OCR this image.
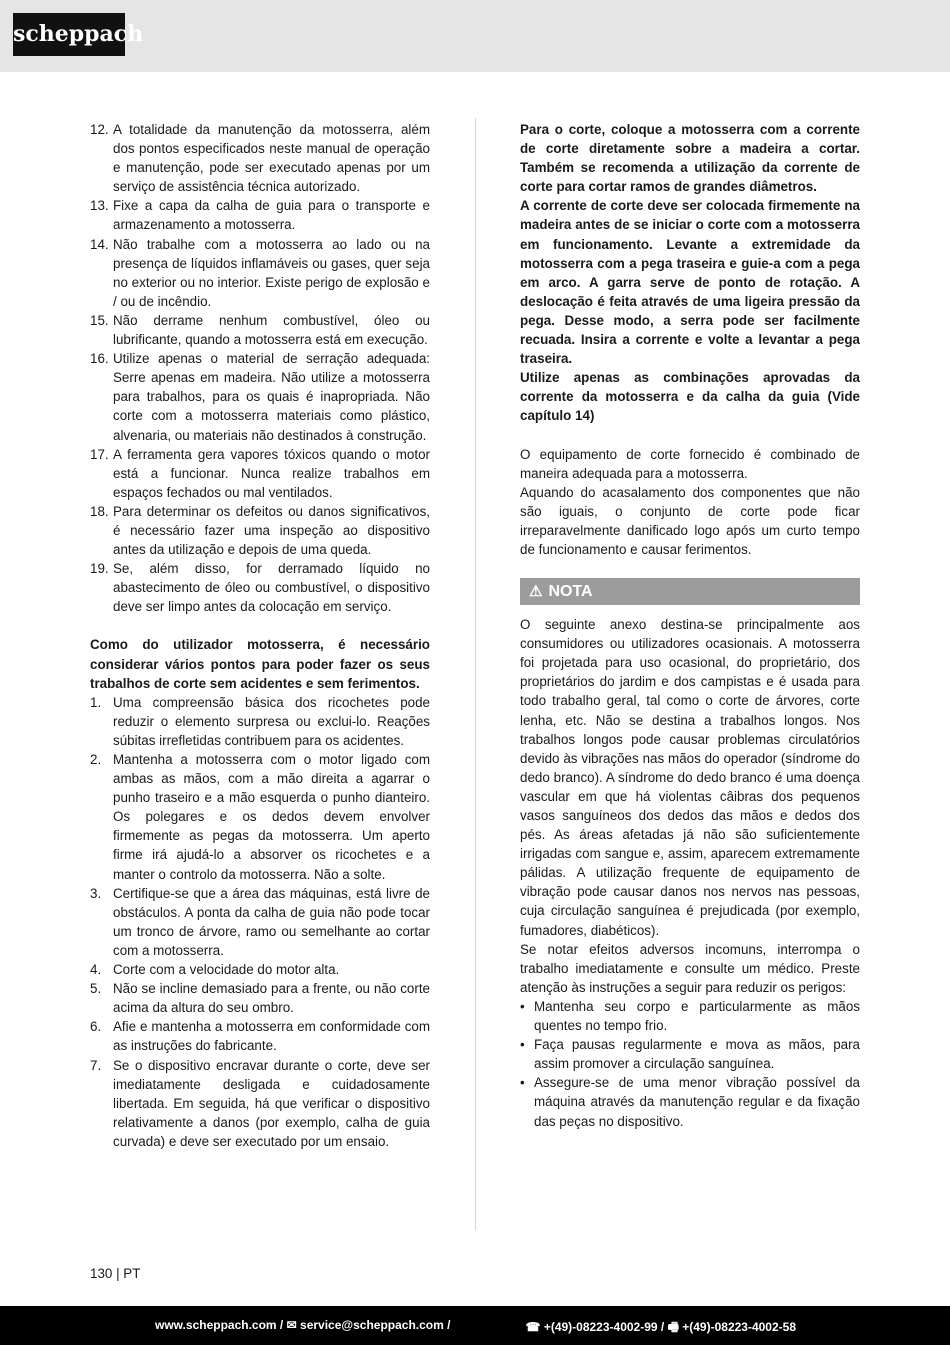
scheppach
12. A totalidade da manutenção da motosserra, além dos pontos especificados neste manual de operação e manutenção, pode ser executado apenas por um serviço de assistência técnica autorizado.
13. Fixe a capa da calha de guia para o transporte e armazenamento a motosserra.
14. Não trabalhe com a motosserra ao lado ou na presença de líquidos inflamáveis ou gases, quer seja no exterior ou no interior. Existe perigo de explosão e / ou de incêndio.
15. Não derrame nenhum combustível, óleo ou lubrificante, quando a motosserra está em execução.
16. Utilize apenas o material de serração adequada: Serre apenas em madeira. Não utilize a motosserra para trabalhos, para os quais é inapropriada. Não corte com a motosserra materiais como plástico, alvenaria, ou materiais não destinados à construção.
17. A ferramenta gera vapores tóxicos quando o motor está a funcionar. Nunca realize trabalhos em espaços fechados ou mal ventilados.
18. Para determinar os defeitos ou danos significativos, é necessário fazer uma inspeção ao dispositivo antes da utilização e depois de uma queda.
19. Se, além disso, for derramado líquido no abastecimento de óleo ou combustível, o dispositivo deve ser limpo antes da colocação em serviço.

Como do utilizador motosserra, é necessário considerar vários pontos para poder fazer os seus trabalhos de corte sem acidentes e sem ferimentos.

1. Uma compreensão básica dos ricochetes pode reduzir o elemento surpresa ou exclui-lo. Reações súbitas irrefletidas contribuem para os acidentes.
2. Mantenha a motosserra com o motor ligado com ambas as mãos, com a mão direita a agarrar o punho traseiro e a mão esquerda o punho dianteiro. Os polegares e os dedos devem envolver firmemente as pegas da motosserra. Um aperto firme irá ajudá-lo a absorver os ricochetes e a manter o controlo da motosserra. Não a solte.
3. Certifique-se que a área das máquinas, está livre de obstáculos. A ponta da calha de guia não pode tocar um tronco de árvore, ramo ou semelhante ao cortar com a motosserra.
4. Corte com a velocidade do motor alta.
5. Não se incline demasiado para a frente, ou não corte acima da altura do seu ombro.
6. Afie e mantenha a motosserra em conformidade com as instruções do fabricante.
7. Se o dispositivo encravar durante o corte, deve ser imediatamente desligada e cuidadosamente libertada. Em seguida, há que verificar o dispositivo relativamente a danos (por exemplo, calha de guia curvada) e deve ser executado por um ensaio.

Para o corte, coloque a motosserra com a corrente de corte diretamente sobre a madeira a cortar. Também se recomenda a utilização da corrente de corte para cortar ramos de grandes diâmetros.

A corrente de corte deve ser colocada firmemente na madeira antes de se iniciar o corte com a motosserra em funcionamento. Levante a extremidade da motosserra com a pega traseira e guie-a com a pega em arco. A garra serve de ponto de rotação. A deslocação é feita através de uma ligeira pressão da pega. Desse modo, a serra pode ser facilmente recuada. Insira a corrente e volte a levantar a pega traseira.

Utilize apenas as combinações aprovadas da corrente da motosserra e da calha da guia (Vide capítulo 14)

O equipamento de corte fornecido é combinado de maneira adequada para a motosserra.

Aquando do acasalamento dos componentes que não são iguais, o conjunto de corte pode ficar irreparavelmente danificado logo após um curto tempo de funcionamento e causar ferimentos.

⚠ NOTA

O seguinte anexo destina-se principalmente aos consumidores ou utilizadores ocasionais. A motosserra foi projetada para uso ocasional, do proprietário, dos proprietários do jardim e dos campistas e é usada para todo trabalho geral, tal como o corte de árvores, corte lenha, etc. Não se destina a trabalhos longos. Nos trabalhos longos pode causar problemas circulatórios devido às vibrações nas mãos do operador (síndrome do dedo branco). A síndrome do dedo branco é uma doença vascular em que há violentas câibras dos pequenos vasos sanguíneos dos dedos das mãos e dedos dos pés. As áreas afetadas já não são suficientemente irrigadas com sangue e, assim, aparecem extremamente pálidas. A utilização frequente de equipamento de vibração pode causar danos nos nervos nas pessoas, cuja circulação sanguínea é prejudicada (por exemplo, fumadores, diabéticos).

Se notar efeitos adversos incomuns, interrompa o trabalho imediatamente e consulte um médico. Preste atenção às instruções a seguir para reduzir os perigos:

• Mantenha seu corpo e particularmente as mãos quentes no tempo frio.
• Faça pausas regularmente e mova as mãos, para assim promover a circulação sanguínea.
• Assegure-se de uma menor vibração possível da máquina através da manutenção regular e da fixação das peças no dispositivo.
130 | PT
www.scheppach.com / ✉ service@scheppach.com /	☎ +(49)-08223-4002-99 / 🖷 +(49)-08223-4002-58
